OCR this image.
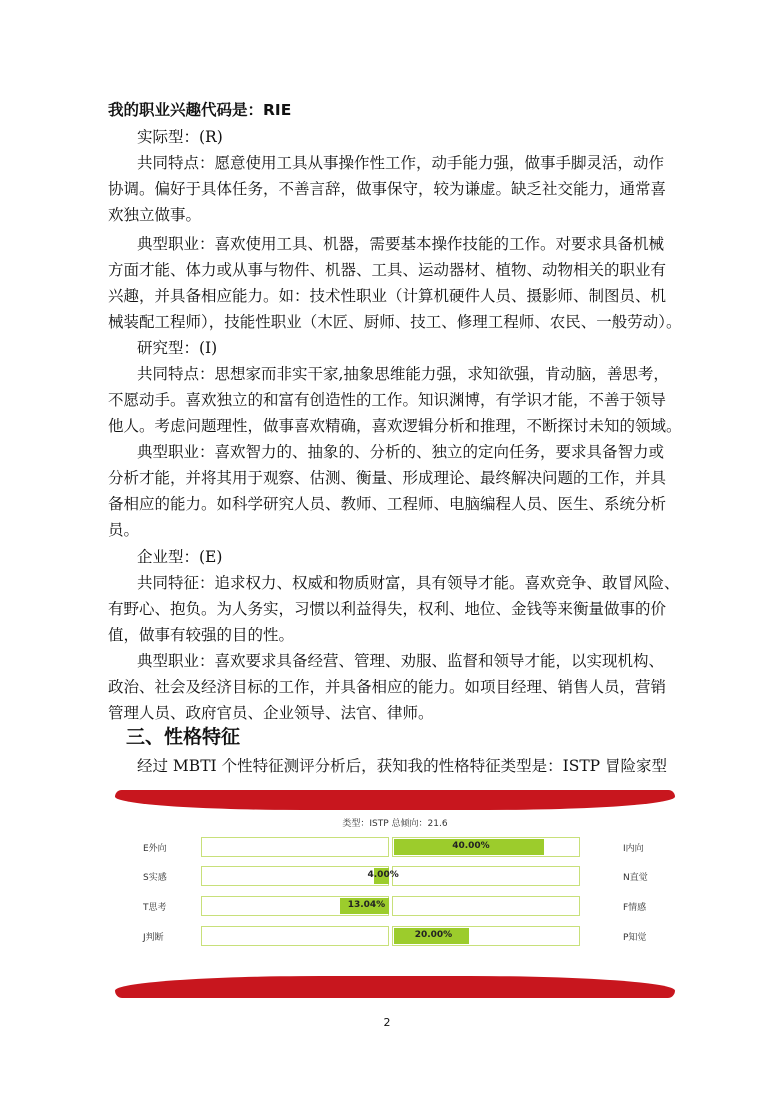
我的职业兴趣代码是：RIE
实际型：(R)
共同特点：愿意使用工具从事操作性工作，动手能力强，做事手脚灵活，动作
协调。偏好于具体任务，不善言辞，做事保守，较为谦虚。缺乏社交能力，通常喜
欢独立做事。
典型职业：喜欢使用工具、机器，需要基本操作技能的工作。对要求具备机械
方面才能、体力或从事与物件、机器、工具、运动器材、植物、动物相关的职业有
兴趣，并具备相应能力。如：技术性职业（计算机硬件人员、摄影师、制图员、机
械装配工程师），技能性职业（木匠、厨师、技工、修理工程师、农民、一般劳动）。
研究型：(I)
共同特点：思想家而非实干家,抽象思维能力强，求知欲强，肯动脑，善思考，
不愿动手。喜欢独立的和富有创造性的工作。知识渊博，有学识才能，不善于领导
他人。考虑问题理性，做事喜欢精确，喜欢逻辑分析和推理，不断探讨未知的领域。
典型职业：喜欢智力的、抽象的、分析的、独立的定向任务，要求具备智力或
分析才能，并将其用于观察、估测、衡量、形成理论、最终解决问题的工作，并具
备相应的能力。如科学研究人员、教师、工程师、电脑编程人员、医生、系统分析
员。
企业型：(E)
共同特征：追求权力、权威和物质财富，具有领导才能。喜欢竞争、敢冒风险、
有野心、抱负。为人务实，习惯以利益得失，权利、地位、金钱等来衡量做事的价
值，做事有较强的目的性。
典型职业：喜欢要求具备经营、管理、劝服、监督和领导才能，以实现机构、
政治、社会及经济目标的工作，并具备相应的能力。如项目经理、销售人员，营销
管理人员、政府官员、企业领导、法官、律师。
三、性格特征
经过 MBTI 个性特征测评分析后，获知我的性格特征类型是：ISTP 冒险家型
类型：ISTP 总倾向：21.6
E外向	40.00%	I内向
S实感	4.00%	N直觉
T思考	13.04%	F情感
J判断	20.00%	P知觉
2
